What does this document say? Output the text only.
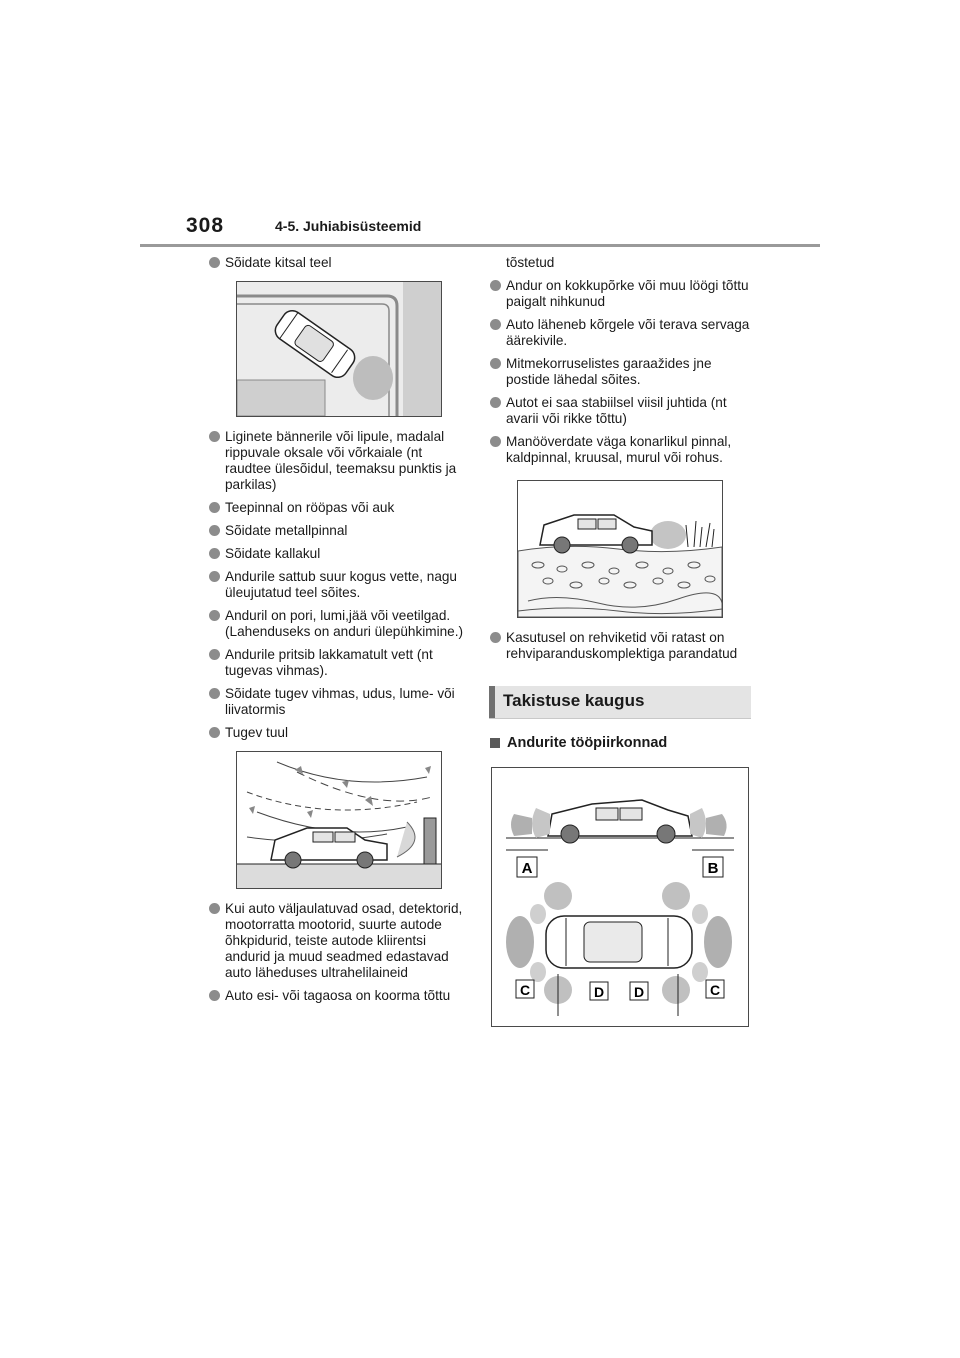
308	4-5. Juhiabisüsteemid
Sõidate kitsal teel
Liginete bännerile või lipule, madalal rippuvale oksale või võrkaiale (nt raudtee ülesõidul, teemaksu punktis ja parkilas)
Teepinnal on rööpas või auk
Sõidate metallpinnal
Sõidate kallakul
Andurile sattub suur kogus vette, nagu üleujutatud teel sõites.
Anduril on pori, lumi,jää või veetilgad. (Lahenduseks on anduri ülepühkimine.)
Andurile pritsib lakkamatult vett (nt tugevas vihmas).
Sõidate tugev vihmas, udus, lume- või liivatormis
Tugev tuul
Kui auto väljaulatuvad osad, detektorid, mootorratta mootorid, suurte autode õhkpidurid, teiste autode kliirentsi andurid ja muud seadmed edastavad auto läheduses ultrahelilaineid
Auto esi- või tagaosa on koorma tõttu
tõstetud
Andur on kokkupõrke või muu löögi tõttu paigalt nihkunud
Auto läheneb kõrgele või terava servaga äärekivile.
Mitmekorruselistes garaažides jne postide lähedal sõites.
Autot ei saa stabiilsel viisil juhtida (nt avarii või rikke tõttu)
Manööverdate väga konarlikul pinnal, kaldpinnal, kruusal, murul või rohus.
Kasutusel on rehviketid või ratast on rehviparanduskomplektiga parandatud
Takistuse kaugus
Andurite tööpiirkonnad
A	B
C	D D	C
